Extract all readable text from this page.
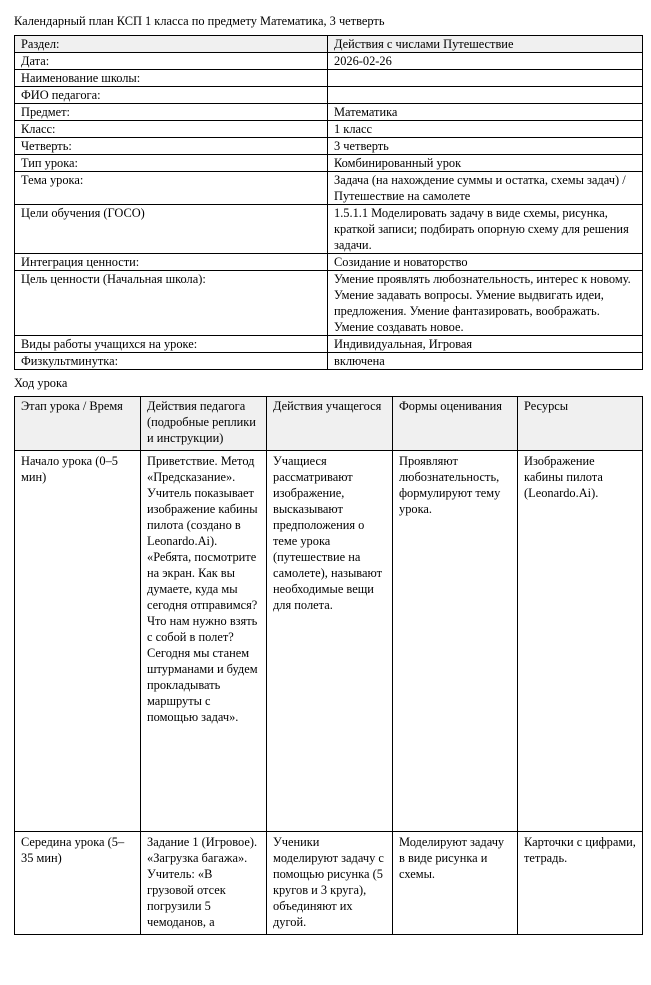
Календарный план КСП 1 класса по предмету Математика, 3 четверть
Раздел:	Действия с числами Путешествие
Дата:	2026-02-26
Наименование школы:	
ФИО педагога:	
Предмет:	Математика
Класс:	1 класс
Четверть:	3 четверть
Тип урока:	Комбинированный урок
Тема урока:	Задача (на нахождение суммы и остатка, схемы задач) / Путешествие на самолете
Цели обучения (ГОСО)	1.5.1.1 Моделировать задачу в виде схемы, рисунка, краткой записи; подбирать опорную схему для решения задачи.
Интеграция ценности:	Созидание и новаторство
Цель ценности (Начальная школа):	Умение проявлять любознательность, интерес к новому. Умение задавать вопросы. Умение выдвигать идеи, предложения. Умение фантазировать, воображать. Умение создавать новое.
Виды работы учащихся на уроке:	Индивидуальная, Игровая
Физкультминутка:	включена
Ход урока
Этап урока / Время	Действия педагога (подробные реплики и инструкции)	Действия учащегося	Формы оценивания	Ресурсы
Начало урока (0–5 мин)	Приветствие. Метод «Предсказание». Учитель показывает изображение кабины пилота (создано в Leonardo.Ai). «Ребята, посмотрите на экран. Как вы думаете, куда мы сегодня отправимся? Что нам нужно взять с собой в полет? Сегодня мы станем штурманами и будем прокладывать маршруты с помощью задач».	Учащиеся рассматривают изображение, высказывают предположения о теме урока (путешествие на самолете), называют необходимые вещи для полета.	Проявляют любознательность, формулируют тему урока.	Изображение кабины пилота (Leonardo.Ai).
Середина урока (5–35 мин)	Задание 1 (Игровое). «Загрузка багажа». Учитель: «В грузовой отсек погрузили 5 чемоданов, а	Ученики моделируют задачу с помощью рисунка (5 кругов и 3 круга), объединяют их дугой.	Моделируют задачу в виде рисунка и схемы.	Карточки с цифрами, тетрадь.
